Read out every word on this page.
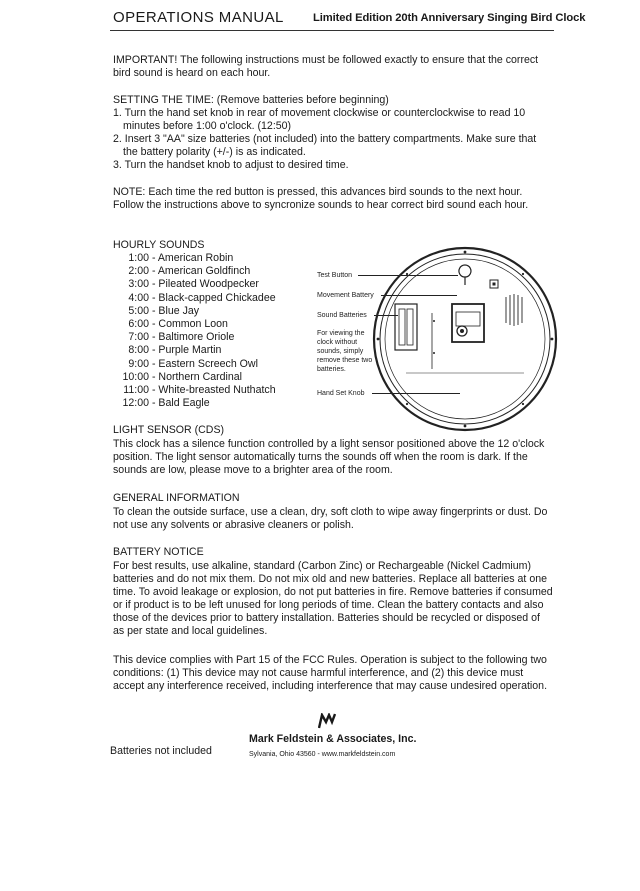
OPERATIONS MANUAL	Limited Edition 20th Anniversary Singing Bird Clock
IMPORTANT! The following instructions must be followed exactly to ensure that the correct bird sound is heard on each hour.
SETTING THE TIME: (Remove batteries before beginning)
1. Turn the hand set knob in rear of movement clockwise or counterclockwise to read 10 minutes before 1:00 o'clock. (12:50)
2. Insert 3 "AA" size batteries (not included) into the battery compartments. Make sure that the battery polarity (+/-) is as indicated.
3. Turn the handset knob to adjust to desired time.
NOTE: Each time the red button is pressed, this advances bird sounds to the next hour. Follow the instructions above to syncronize sounds to hear correct bird sound each hour.
HOURLY SOUNDS
1:00 - American Robin
2:00 - American Goldfinch
3:00 - Pileated Woodpecker
4:00 - Black-capped Chickadee
5:00 - Blue Jay
6:00 - Common Loon
7:00 - Baltimore Oriole
8:00 - Purple Martin
9:00 - Eastern Screech Owl
10:00 - Northern Cardinal
11:00 - White-breasted Nuthatch
12:00 - Bald Eagle
Test Button
Movement Battery
Sound Batteries
For viewing the clock without sounds, simply remove these two batteries.
Hand Set Knob
LIGHT SENSOR (CDS)
This clock has a silence function controlled by a light sensor positioned above the 12 o'clock position. The light sensor automatically turns the sounds off when the room is dark. If the sounds are low, please move to a brighter area of the room.
GENERAL INFORMATION
To clean the outside surface, use a clean, dry, soft cloth to wipe away fingerprints or dust. Do not use any solvents or abrasive cleaners or polish.
BATTERY NOTICE
For best results, use alkaline, standard (Carbon Zinc) or Rechargeable (Nickel Cadmium) batteries and do not mix them. Do not mix old and new batteries. Replace all batteries at one time. To avoid leakage or explosion, do not put batteries in fire. Remove batteries if consumed or if product is to be left unused for long periods of time. Clean the battery contacts and also those of the devices prior to battery installation. Batteries should be recycled or disposed of as per state and local guidelines.
This device complies with Part 15 of the FCC Rules. Operation is subject to the following two conditions: (1) This device may not cause harmful interference, and (2) this device must accept any interference received, including interference that may cause undesired operation.
Mark Feldstein & Associates, Inc.
Sylvania, Ohio 43560 - www.markfeldstein.com
Batteries not included
